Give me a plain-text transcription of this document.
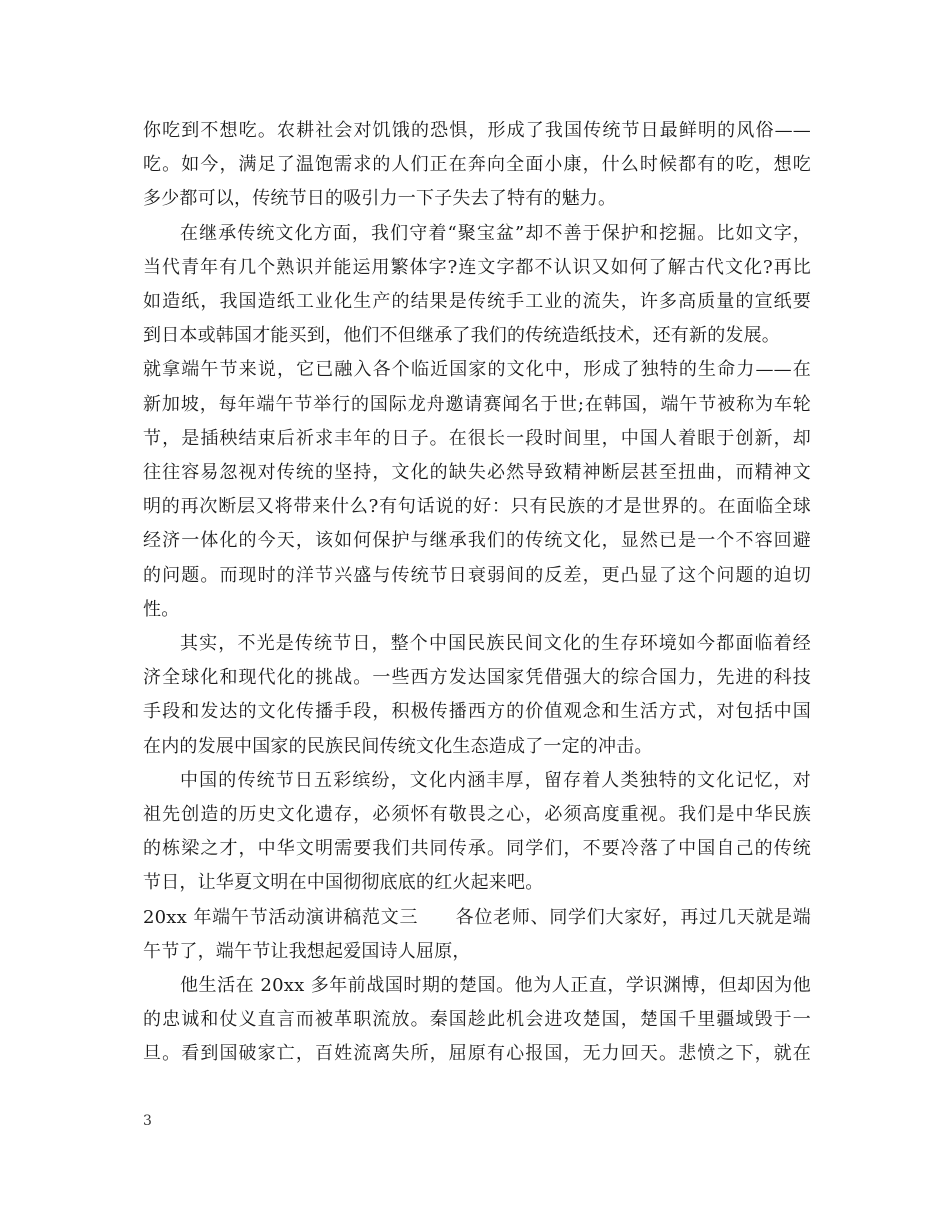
你吃到不想吃。农耕社会对饥饿的恐惧，形成了我国传统节日最鲜明的风俗——
吃。如今，满足了温饱需求的人们正在奔向全面小康，什么时候都有的吃，想吃
多少都可以，传统节日的吸引力一下子失去了特有的魅力。

在继承传统文化方面，我们守着“聚宝盆”却不善于保护和挖掘。比如文字，
当代青年有几个熟识并能运用繁体字?连文字都不认识又如何了解古代文化?再比
如造纸，我国造纸工业化生产的结果是传统手工业的流失，许多高质量的宣纸要
到日本或韩国才能买到，他们不但继承了我们的传统造纸技术，还有新的发展。

就拿端午节来说，它已融入各个临近国家的文化中，形成了独特的生命力——在
新加坡，每年端午节举行的国际龙舟邀请赛闻名于世;在韩国，端午节被称为车轮
节，是插秧结束后祈求丰年的日子。在很长一段时间里，中国人着眼于创新，却
往往容易忽视对传统的坚持，文化的缺失必然导致精神断层甚至扭曲，而精神文
明的再次断层又将带来什么?有句话说的好：只有民族的才是世界的。在面临全球
经济一体化的今天，该如何保护与继承我们的传统文化，显然已是一个不容回避
的问题。而现时的洋节兴盛与传统节日衰弱间的反差，更凸显了这个问题的迫切
性。

其实，不光是传统节日，整个中国民族民间文化的生存环境如今都面临着经
济全球化和现代化的挑战。一些西方发达国家凭借强大的综合国力，先进的科技
手段和发达的文化传播手段，积极传播西方的价值观念和生活方式，对包括中国
在内的发展中国家的民族民间传统文化生态造成了一定的冲击。

中国的传统节日五彩缤纷，文化内涵丰厚，留存着人类独特的文化记忆，对
祖先创造的历史文化遗存，必须怀有敬畏之心，必须高度重视。我们是中华民族
的栋梁之才，中华文明需要我们共同传承。同学们，不要冷落了中国自己的传统
节日，让华夏文明在中国彻彻底底的红火起来吧。

20xx 年端午节活动演讲稿范文三　　各位老师、同学们大家好，再过几天就是端
午节了，端午节让我想起爱国诗人屈原，

他生活在 20xx 多年前战国时期的楚国。他为人正直，学识渊博，但却因为他
的忠诚和仗义直言而被革职流放。秦国趁此机会进攻楚国，楚国千里疆域毁于一
旦。看到国破家亡，百姓流离失所，屈原有心报国，无力回天。悲愤之下，就在

3
